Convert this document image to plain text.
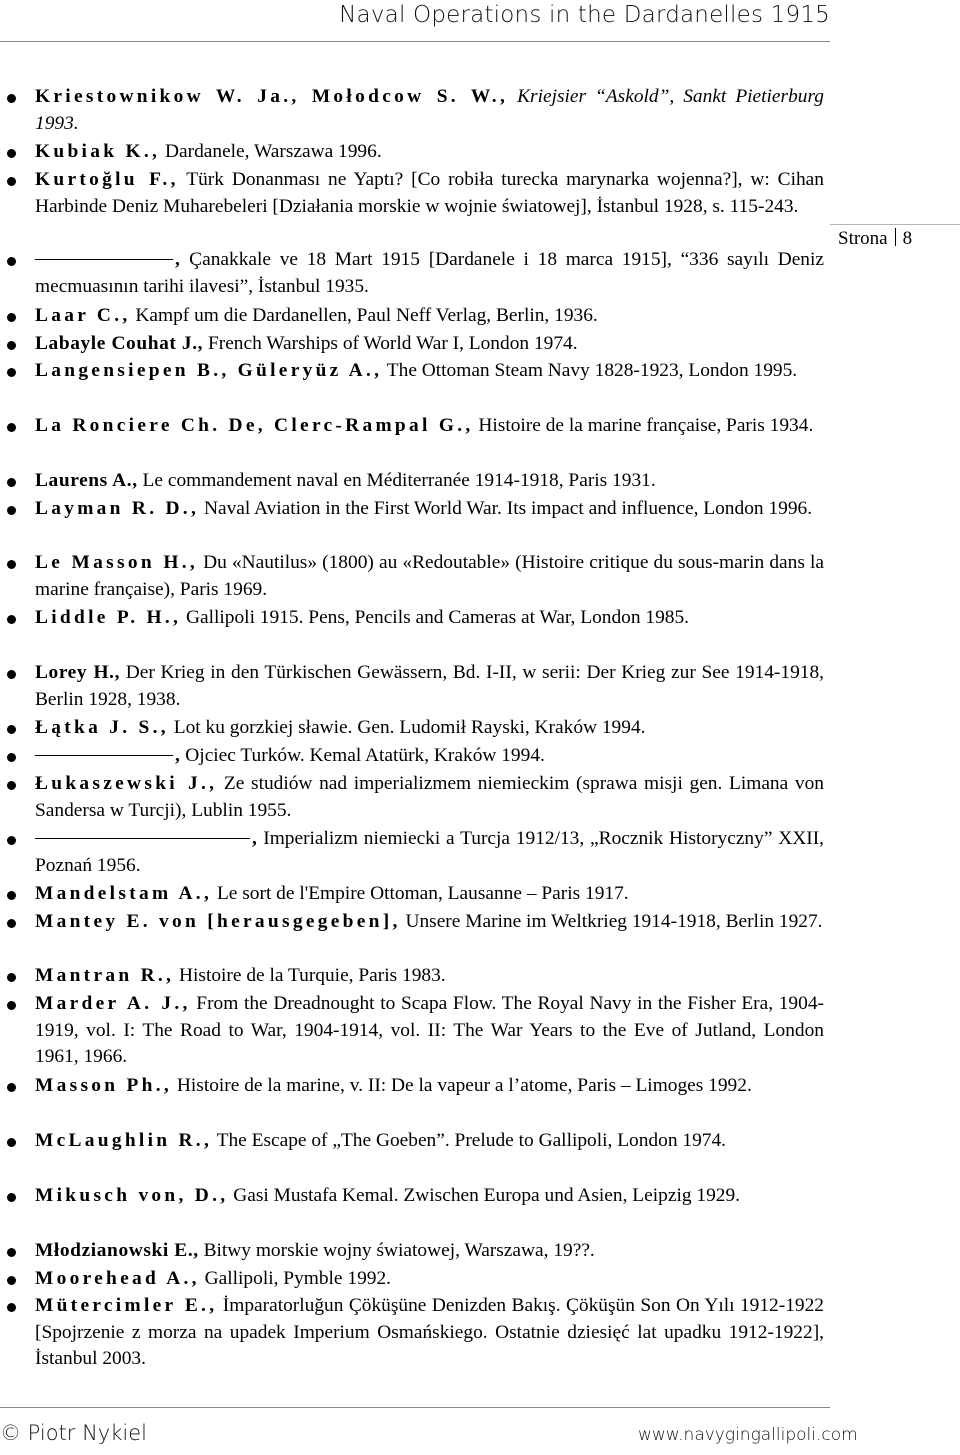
Naval Operations in the Dardanelles 1915
Strona 8

Kriestownikow W. Ja., Mołodcow S. W., Kriejsier “Askold”, Sankt Pietierburg 1993.

Kubiak K., Dardanele, Warszawa 1996.

Kurtoğlu F., Türk Donanması ne Yaptı? [Co robiła turecka marynarka wojenna?], w: Cihan Harbinde Deniz Muharebeleri [Działania morskie w wojnie światowej], İstanbul 1928, s. 115-243.

, Çanakkale ve 18 Mart 1915 [Dardanele i 18 marca 1915], “336 sayılı Deniz mecmuasının tarihi ilavesi”, İstanbul 1935.

Laar C., Kampf um die Dardanellen, Paul Neff Verlag, Berlin, 1936.

Labayle Couhat J., French Warships of World War I, London 1974.

Langensiepen B., Güleryüz A., The Ottoman Steam Navy 1828-1923, London 1995.

La Ronciere Ch. De, Clerc-Rampal G., Histoire de la marine française, Paris 1934.

Laurens A., Le commandement naval en Méditerranée 1914-1918, Paris 1931.

Layman R. D., Naval Aviation in the First World War. Its impact and influence, London 1996.

Le Masson H., Du «Nautilus» (1800) au «Redoutable» (Histoire critique du sous-marin dans la marine française), Paris 1969.

Liddle P. H., Gallipoli 1915. Pens, Pencils and Cameras at War, London 1985.

Lorey H., Der Krieg in den Türkischen Gewässern, Bd. I-II, w serii: Der Krieg zur See 1914-1918, Berlin 1928, 1938.

Łątka J. S., Lot ku gorzkiej sławie. Gen. Ludomił Rayski, Kraków 1994.

, Ojciec Turków. Kemal Atatürk, Kraków 1994.

Łukaszewski J., Ze studiów nad imperializmem niemieckim (sprawa misji gen. Limana von Sandersa w Turcji), Lublin 1955.

, Imperializm niemiecki a Turcja 1912/13, „Rocznik Historyczny” XXII, Poznań 1956.

Mandelstam A., Le sort de l'Empire Ottoman, Lausanne – Paris 1917.

Mantey E. von [herausgegeben], Unsere Marine im Weltkrieg 1914-1918, Berlin 1927.

Mantran R., Histoire de la Turquie, Paris 1983.

Marder A. J., From the Dreadnought to Scapa Flow. The Royal Navy in the Fisher Era, 1904-1919, vol. I: The Road to War, 1904-1914, vol. II: The War Years to the Eve of Jutland, London 1961, 1966.

Masson Ph., Histoire de la marine, v. II: De la vapeur a l’atome, Paris – Limoges 1992.

McLaughlin R., The Escape of „The Goeben”. Prelude to Gallipoli, London 1974.

Mikusch von, D., Gasi Mustafa Kemal. Zwischen Europa und Asien, Leipzig 1929.

Młodzianowski E., Bitwy morskie wojny światowej, Warszawa, 19??.

Moorehead A., Gallipoli, Pymble 1992.

Mütercimler E., İmparatorluğun Çöküşüne Denizden Bakış. Çöküşün Son On Yılı 1912-1922 [Spojrzenie z morza na upadek Imperium Osmańskiego. Ostatnie dziesięć lat upadku 1912-1922], İstanbul 2003.

© Piotr Nykiel	www.navygingallipoli.com
